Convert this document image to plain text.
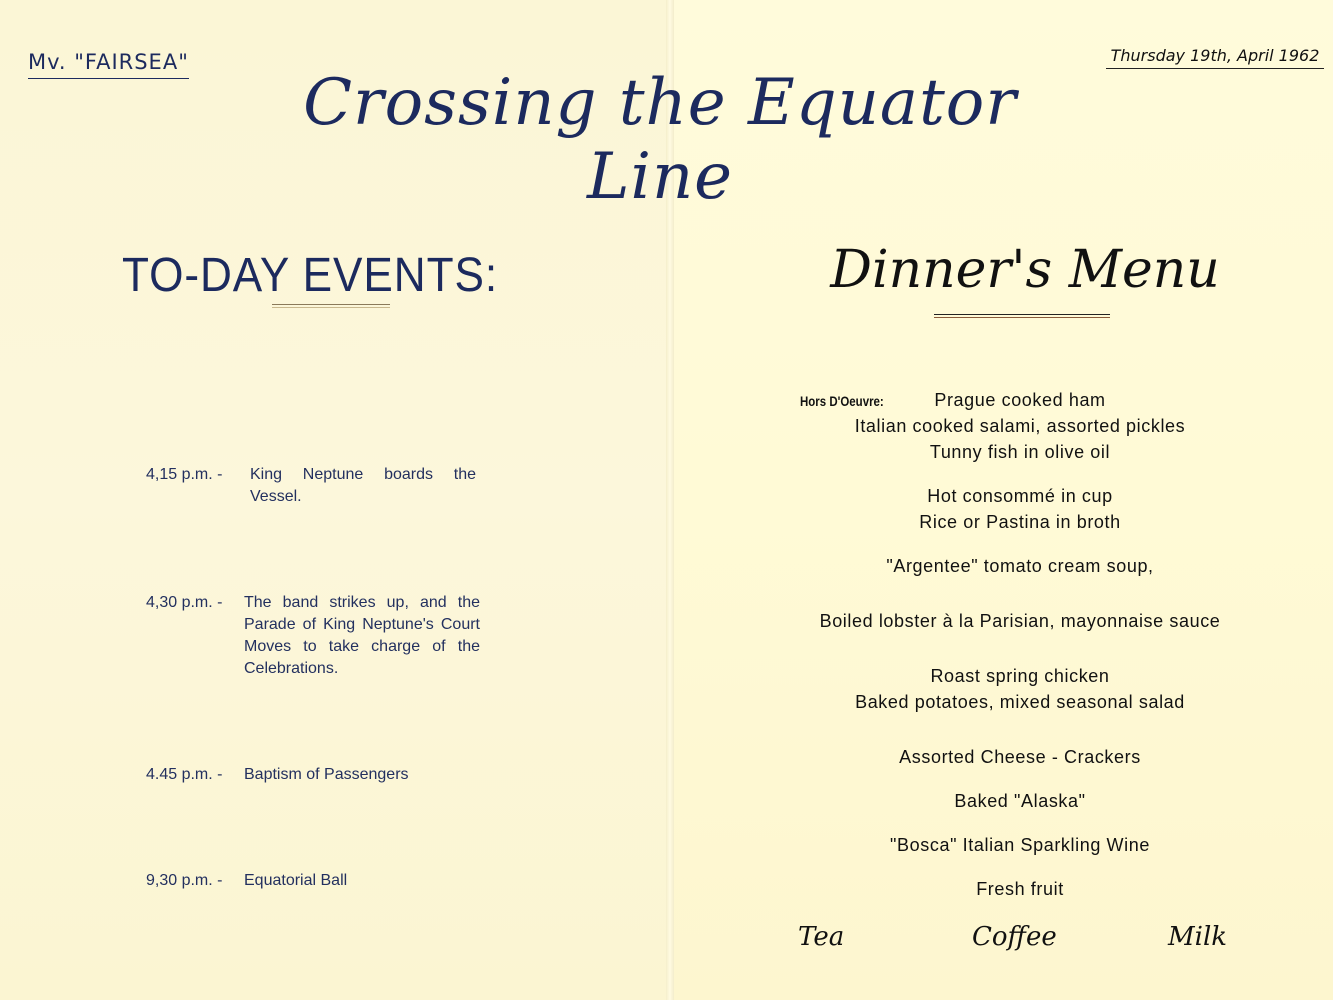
Mv. "FAIRSEA"	Thursday 19th, April 1962
Crossing the Equator Line
TO-DAY EVENTS:
4,15 p.m. -	King Neptune boards the Vessel.
4,30 p.m. -	The band strikes up, and the Parade of King Neptune's Court Moves to take charge of the Celebrations.
4.45 p.m. -	Baptism of Passengers
9,30 p.m. -	Equatorial Ball
Dinner's Menu
Hors D'Oeuvre:	Prague cooked ham
Italian cooked salami, assorted pickles
Tunny fish in olive oil
Hot consommé in cup
Rice or Pastina in broth
"Argentee" tomato cream soup,
Boiled lobster à la Parisian, mayonnaise sauce
Roast spring chicken
Baked potatoes, mixed seasonal salad
Assorted Cheese - Crackers
Baked "Alaska"
"Bosca" Italian Sparkling Wine
Fresh fruit
Tea	Coffee	Milk
